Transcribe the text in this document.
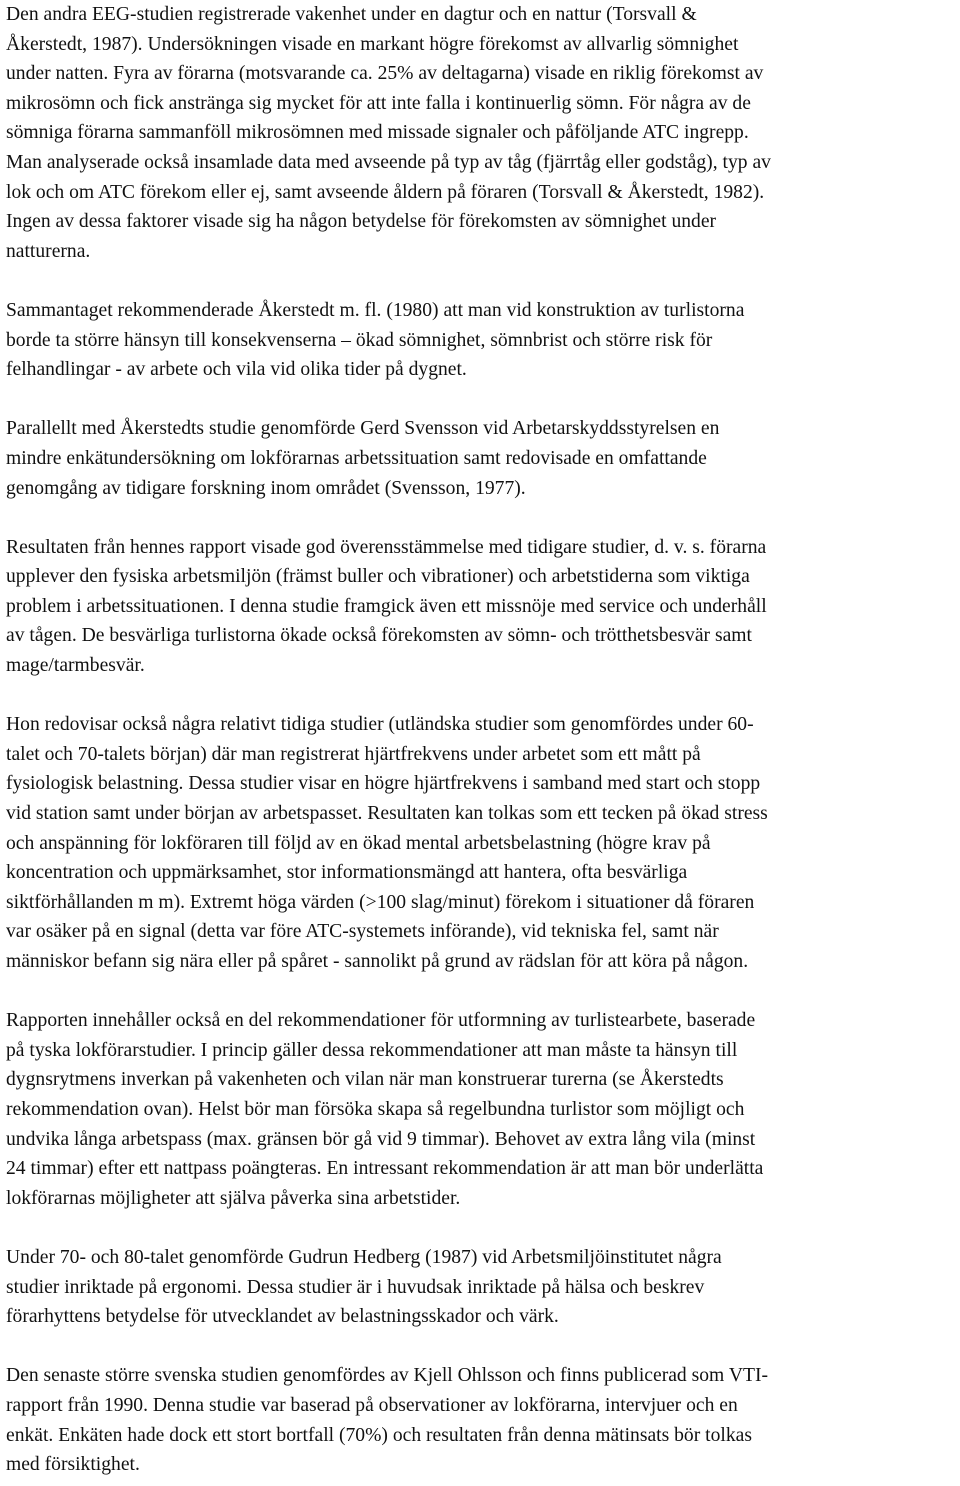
Den andra EEG-studien registrerade vakenhet under en dagtur och en nattur (Torsvall &
Åkerstedt, 1987). Undersökningen visade en markant högre förekomst av allvarlig sömnighet
under natten. Fyra av förarna (motsvarande ca. 25% av deltagarna) visade en riklig förekomst av
mikrosömn och fick anstränga sig mycket för att inte falla i kontinuerlig sömn. För några av de
sömniga förarna sammanföll mikrosömnen med missade signaler och påföljande ATC ingrepp.
Man analyserade också insamlade data med avseende på typ av tåg (fjärrtåg eller godståg), typ av
lok och om ATC förekom eller ej, samt avseende åldern på föraren (Torsvall & Åkerstedt, 1982).
Ingen av dessa faktorer visade sig ha någon betydelse för förekomsten av sömnighet under
natturerna.

Sammantaget rekommenderade Åkerstedt m. fl. (1980) att man vid konstruktion av turlistorna
borde ta större hänsyn till konsekvenserna – ökad sömnighet, sömnbrist och större risk för
felhandlingar - av arbete och vila vid olika tider på dygnet.

Parallellt med Åkerstedts studie genomförde Gerd Svensson vid Arbetarskyddsstyrelsen en
mindre enkätundersökning om lokförarnas arbetssituation samt redovisade en omfattande
genomgång av tidigare forskning inom området (Svensson, 1977).

Resultaten från hennes rapport visade god överensstämmelse med tidigare studier, d. v. s. förarna
upplever den fysiska arbetsmiljön (främst buller och vibrationer) och arbetstiderna som viktiga
problem i arbetssituationen. I denna studie framgick även ett missnöje med service och underhåll
av tågen. De besvärliga turlistorna ökade också förekomsten av sömn- och trötthetsbesvär samt
mage/tarmbesvär.

Hon redovisar också några relativt tidiga studier (utländska studier som genomfördes under 60-
talet och 70-talets början) där man registrerat hjärtfrekvens under arbetet som ett mått på
fysiologisk belastning. Dessa studier visar en högre hjärtfrekvens i samband med start och stopp
vid station samt under början av arbetspasset. Resultaten kan tolkas som ett tecken på ökad stress
och anspänning för lokföraren till följd av en ökad mental arbetsbelastning (högre krav på
koncentration och uppmärksamhet, stor informationsmängd att hantera, ofta besvärliga
siktförhållanden m m). Extremt höga värden (>100 slag/minut) förekom i situationer då föraren
var osäker på en signal (detta var före ATC-systemets införande), vid tekniska fel, samt när
människor befann sig nära eller på spåret - sannolikt på grund av rädslan för att köra på någon.

Rapporten innehåller också en del rekommendationer för utformning av turlistearbete, baserade
på tyska lokförarstudier. I princip gäller dessa rekommendationer att man måste ta hänsyn till
dygnsrytmens inverkan på vakenheten och vilan när man konstruerar turerna (se Åkerstedts
rekommendation ovan). Helst bör man försöka skapa så regelbundna turlistor som möjligt och
undvika långa arbetspass (max. gränsen bör gå vid 9 timmar). Behovet av extra lång vila (minst
24 timmar) efter ett nattpass poängteras. En intressant rekommendation är att man bör underlätta
lokförarnas möjligheter att själva påverka sina arbetstider.

Under 70- och 80-talet genomförde Gudrun Hedberg (1987) vid Arbetsmiljöinstitutet några
studier inriktade på ergonomi. Dessa studier är i huvudsak inriktade på hälsa och beskrev
förarhyttens betydelse för utvecklandet av belastningsskador och värk.

Den senaste större svenska studien genomfördes av Kjell Ohlsson och finns publicerad som VTI-
rapport från 1990. Denna studie var baserad på observationer av lokförarna, intervjuer och en
enkät. Enkäten hade dock ett stort bortfall (70%) och resultaten från denna mätinsats bör tolkas
med försiktighet.
